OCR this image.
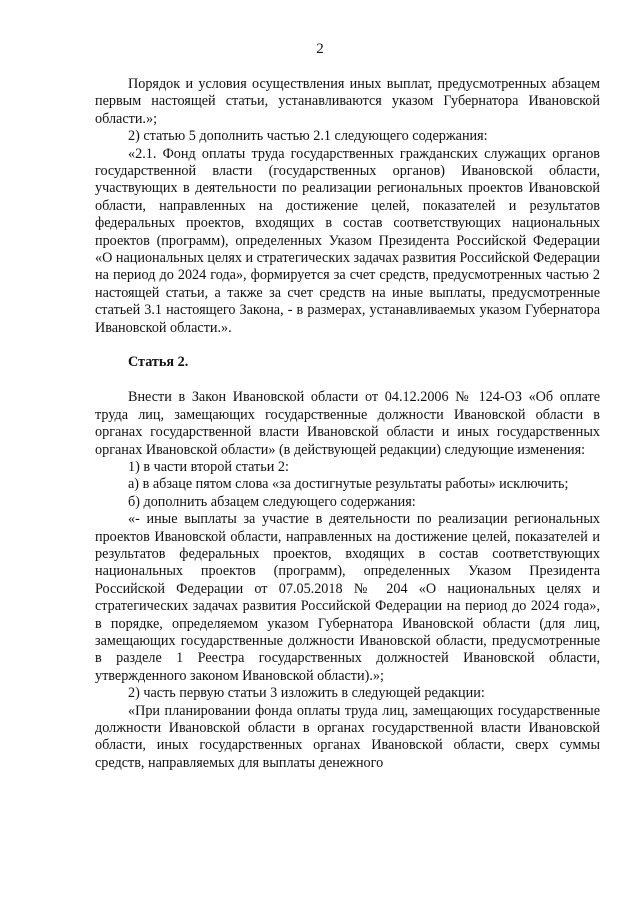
2

Порядок и условия осуществления иных выплат, предусмотренных абзацем первым настоящей статьи, устанавливаются указом Губернатора Ивановской области.»;

2) статью 5 дополнить частью 2.1 следующего содержания:

«2.1. Фонд оплаты труда государственных гражданских служащих органов государственной власти (государственных органов) Ивановской области, участвующих в деятельности по реализации региональных проектов Ивановской области, направленных на достижение целей, показателей и результатов федеральных проектов, входящих в состав соответствующих национальных проектов (программ), определенных Указом Президента Российской Федерации «О национальных целях и стратегических задачах развития Российской Федерации на период до 2024 года», формируется за счет средств, предусмотренных частью 2 настоящей статьи, а также за счет средств на иные выплаты, предусмотренные статьей 3.1 настоящего Закона, - в размерах, устанавливаемых указом Губернатора Ивановской области.».

Статья 2.

Внести в Закон Ивановской области от 04.12.2006 № 124-ОЗ «Об оплате труда лиц, замещающих государственные должности Ивановской области в органах государственной власти Ивановской области и иных государственных органах Ивановской области» (в действующей редакции) следующие изменения:

1) в части второй статьи 2:

а) в абзаце пятом слова «за достигнутые результаты работы» исключить;

б) дополнить абзацем следующего содержания:

«- иные выплаты за участие в деятельности по реализации региональных проектов Ивановской области, направленных на достижение целей, показателей и результатов федеральных проектов, входящих в состав соответствующих национальных проектов (программ), определенных Указом Президента Российской Федерации от 07.05.2018 № 204 «О национальных целях и стратегических задачах развития Российской Федерации на период до 2024 года», в порядке, определяемом указом Губернатора Ивановской области (для лиц, замещающих государственные должности Ивановской области, предусмотренные в разделе 1 Реестра государственных должностей Ивановской области, утвержденного законом Ивановской области).»;

2) часть первую статьи 3 изложить в следующей редакции:

«При планировании фонда оплаты труда лиц, замещающих государственные должности Ивановской области в органах государственной власти Ивановской области, иных государственных органах Ивановской области, сверх суммы средств, направляемых для выплаты денежного
